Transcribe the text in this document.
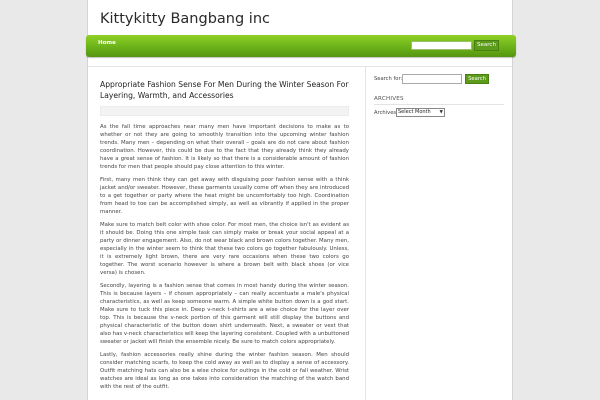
Kittykitty Bangbang inc
Home	Search
Appropriate Fashion Sense For Men During the Winter Season For Layering, Warmth, and Accessories

As the fall time approaches near many men have important decisions to make as to whether or not they are going to smoothly transition into the upcoming winter fashion trends. Many men – depending on what their overall – goals are do not care about fashion coordination. However, this could be due to the fact that they already think they already have a great sense of fashion. It is likely so that there is a considerable amount of fashion trends for men that people should pay close attention to this winter.

First, many men think they can get away with disguising poor fashion sense with a think jacket and/or sweater. However, these garments usually come off when they are introduced to a get together or party where the heat might be uncomfortably too high. Coordination from head to toe can be accomplished simply, as well as vibrantly if applied in the proper manner.

Make sure to match belt color with shoe color. For most men, the choice isn't as evident as it should be. Doing this one simple task can simply make or break your social appeal at a party or dinner engagement. Also, do not wear black and brown colors together. Many men, especially in the winter seem to think that these two colors go together fabulously. Unless, it is extremely light brown, there are very rare occasions when these two colors go together. The worst scenario however is where a brown belt with black shoes (or vice versa) is chosen.

Secondly, layering is a fashion sense that comes in most handy during the winter season. This is because layers – if chosen appropriately – can really accentuate a male's physical characteristics, as well as keep someone warm. A simple white button down is a god start. Make sure to tuck this piece in. Deep v-neck t-shirts are a wise choice for the layer over top. This is because the v-neck portion of this garment will still display the buttons and physical characteristic of the button down shirt underneath. Next, a sweater or vest that also has v-neck characteristics will keep the layering consistent. Coupled with a unbuttoned sweater or jacket will finish the ensemble nicely. Be sure to match colors appropriately.

Lastly, fashion accessories really shine during the winter fashion season. Men should consider matching scarfs, to keep the cold away as well as to display a sense of accessory. Outfit matching hats can also be a wise choice for outings in the cold or fall weather. Wrist watches are ideal as long as one takes into consideration the matching of the watch band with the rest of the outfit.

Search for:	Search
ARCHIVES
Archives Select Month ▼
